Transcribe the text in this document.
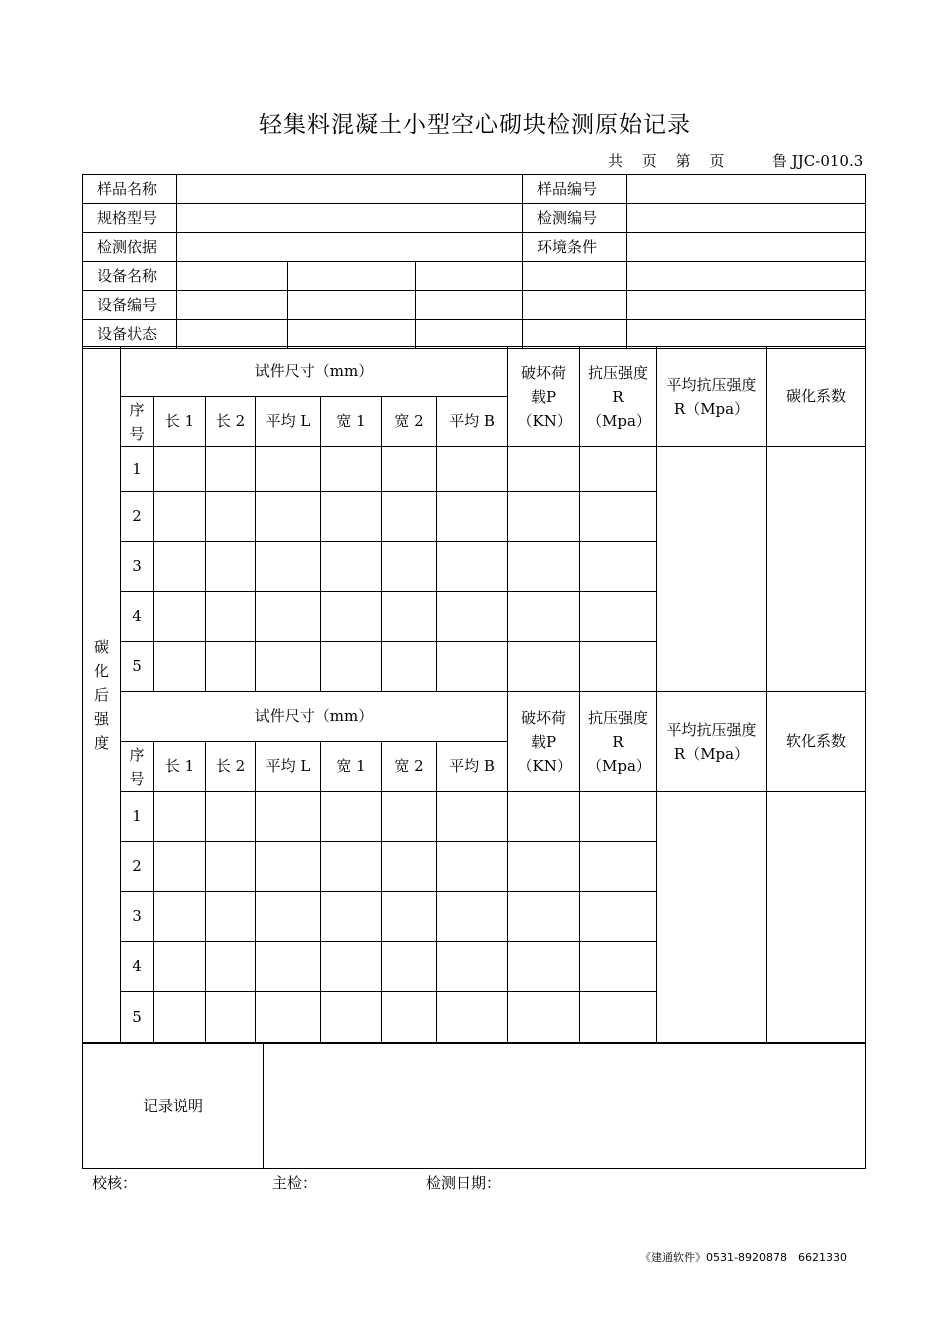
轻集料混凝土小型空心砌块检测原始记录
共 页 第 页	鲁 JJC-010.3
样品名称				样品编号	
规格型号				检测编号	
检测依据				环境条件	
设备名称					
设备编号					
设备状态					
碳化后强度	试件尺寸（mm）							破坏荷载P（KN）	抗压强度R（Mpa）	平均抗压强度R（Mpa）	碳化系数

	序号	长 1	长 2	平均 L	宽 1	宽 2	平均 B				
	1										
	2										
	3										
	4										
	5										
	试件尺寸（mm）							破坏荷载P（KN）	抗压强度R（Mpa）	平均抗压强度R（Mpa）	软化系数

	序号	长 1	长 2	平均 L	宽 1	宽 2	平均 B				
	1										
	2										
	3										
	4										
	5										
记录说明	
校核：	主检：	检测日期：
《建通软件》0531-8920878　6621330
